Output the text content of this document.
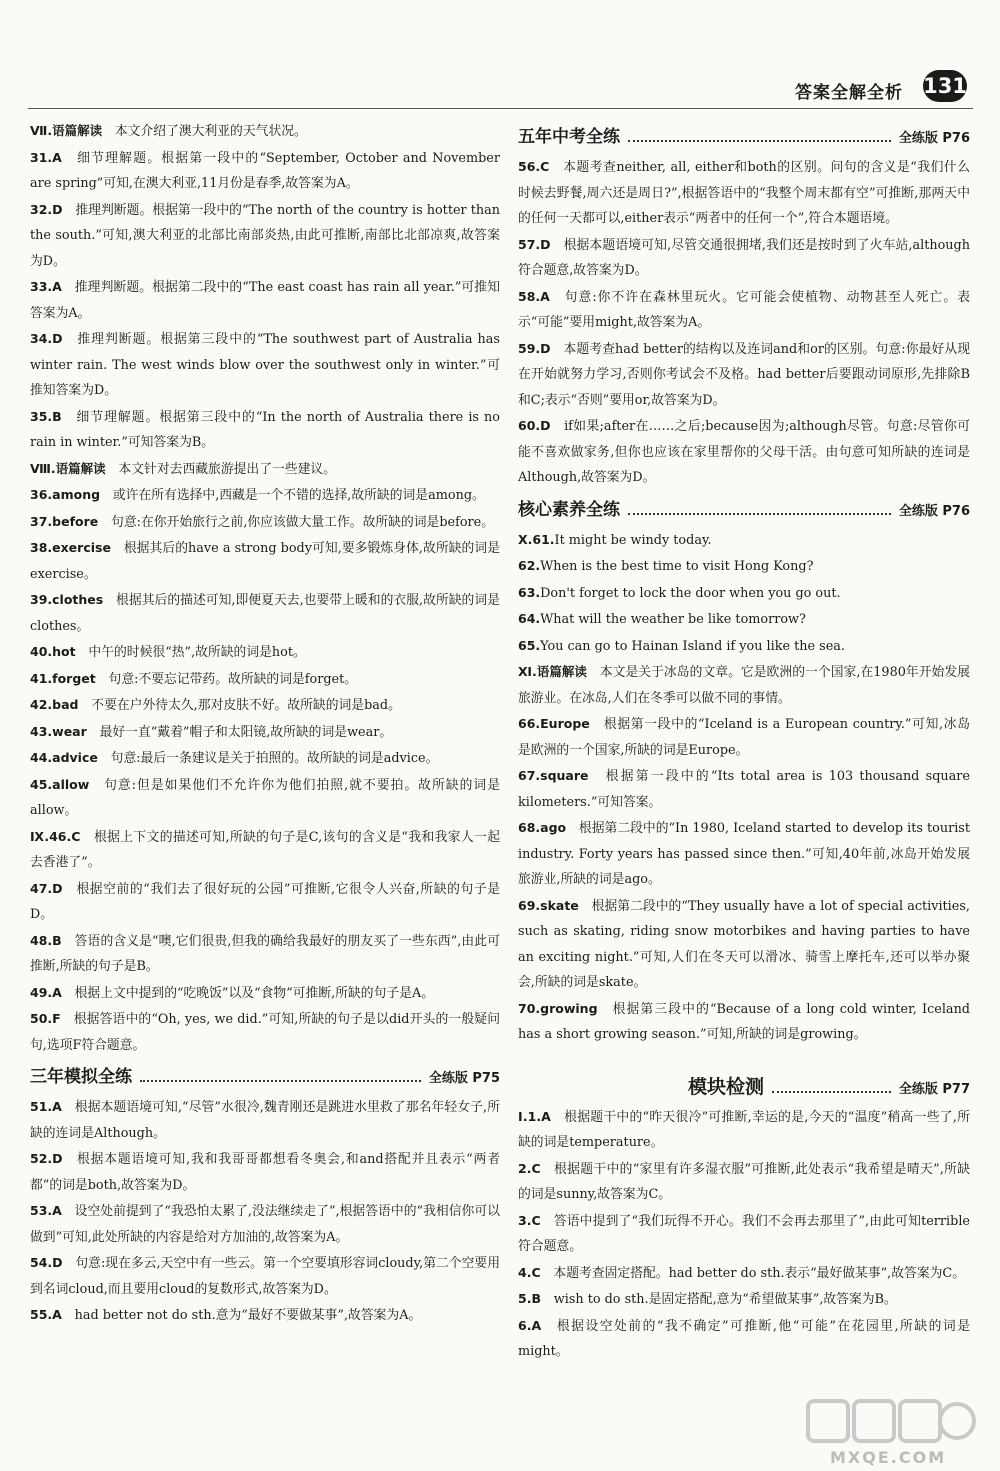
答案全解全析 131

Ⅶ.语篇解读　本文介绍了澳大利亚的天气状况。

31.A　细节理解题。根据第一段中的“September, October and November are spring”可知,在澳大利亚,11月份是春季,故答案为A。

32.D　推理判断题。根据第一段中的“The north of the country is hotter than the south.”可知,澳大利亚的北部比南部炎热,由此可推断,南部比北部凉爽,故答案为D。

33.A　推理判断题。根据第二段中的“The east coast has rain all year.”可推知答案为A。

34.D　推理判断题。根据第三段中的“The southwest part of Australia has winter rain. The west winds blow over the southwest only in winter.”可推知答案为D。

35.B　细节理解题。根据第三段中的“In the north of Australia there is no rain in winter.”可知答案为B。

Ⅷ.语篇解读　本文针对去西藏旅游提出了一些建议。

36.among　或许在所有选择中,西藏是一个不错的选择,故所缺的词是among。

37.before　句意:在你开始旅行之前,你应该做大量工作。故所缺的词是before。

38.exercise　根据其后的have a strong body可知,要多锻炼身体,故所缺的词是exercise。

39.clothes　根据其后的描述可知,即便夏天去,也要带上暖和的衣服,故所缺的词是clothes。

40.hot　中午的时候很“热”,故所缺的词是hot。

41.forget　句意:不要忘记带药。故所缺的词是forget。

42.bad　不要在户外待太久,那对皮肤不好。故所缺的词是bad。

43.wear　最好一直“戴着”帽子和太阳镜,故所缺的词是wear。

44.advice　句意:最后一条建议是关于拍照的。故所缺的词是advice。

45.allow　句意:但是如果他们不允许你为他们拍照,就不要拍。故所缺的词是allow。

Ⅸ.46.C　根据上下文的描述可知,所缺的句子是C,该句的含义是“我和我家人一起去香港了”。

47.D　根据空前的“我们去了很好玩的公园”可推断,它很令人兴奋,所缺的句子是D。

48.B　答语的含义是“噢,它们很贵,但我的确给我最好的朋友买了一些东西”,由此可推断,所缺的句子是B。

49.A　根据上文中提到的“吃晚饭”以及“食物”可推断,所缺的句子是A。

50.F　根据答语中的“Oh, yes, we did.”可知,所缺的句子是以did开头的一般疑问句,选项F符合题意。

三年模拟全练	全练版 P75

51.A　根据本题语境可知,“尽管”水很冷,魏青刚还是跳进水里救了那名年轻女子,所缺的连词是Although。

52.D　根据本题语境可知,我和我哥哥都想看冬奥会,和and搭配并且表示“两者都”的词是both,故答案为D。

53.A　设空处前提到了“我恐怕太累了,没法继续走了”,根据答语中的“我相信你可以做到”可知,此处所缺的内容是给对方加油的,故答案为A。

54.D　句意:现在多云,天空中有一些云。第一个空要填形容词cloudy,第二个空要用到名词cloud,而且要用cloud的复数形式,故答案为D。

55.A　had better not do sth.意为“最好不要做某事”,故答案为A。

五年中考全练	全练版 P76

56.C　本题考查neither, all, either和both的区别。问句的含义是“我们什么时候去野餐,周六还是周日?”,根据答语中的“我整个周末都有空”可推断,那两天中的任何一天都可以,either表示“两者中的任何一个”,符合本题语境。

57.D　根据本题语境可知,尽管交通很拥堵,我们还是按时到了火车站,although符合题意,故答案为D。

58.A　句意:你不许在森林里玩火。它可能会使植物、动物甚至人死亡。表示“可能”要用might,故答案为A。

59.D　本题考查had better的结构以及连词and和or的区别。句意:你最好从现在开始就努力学习,否则你考试会不及格。had better后要跟动词原形,先排除B和C;表示“否则”要用or,故答案为D。

60.D　if如果;after在……之后;because因为;although尽管。句意:尽管你可能不喜欢做家务,但你也应该在家里帮你的父母干活。由句意可知所缺的连词是Although,故答案为D。

核心素养全练	全练版 P76

Ⅹ.61.It might be windy today.

62.When is the best time to visit Hong Kong?

63.Don't forget to lock the door when you go out.

64.What will the weather be like tomorrow?

65.You can go to Hainan Island if you like the sea.

Ⅺ.语篇解读　本文是关于冰岛的文章。它是欧洲的一个国家,在1980年开始发展旅游业。在冰岛,人们在冬季可以做不同的事情。

66.Europe　根据第一段中的“Iceland is a European country.”可知,冰岛是欧洲的一个国家,所缺的词是Europe。

67.square　根据第一段中的“Its total area is 103 thousand square kilometers.”可知答案。

68.ago　根据第二段中的“In 1980, Iceland started to develop its tourist industry. Forty years has passed since then.”可知,40年前,冰岛开始发展旅游业,所缺的词是ago。

69.skate　根据第二段中的“They usually have a lot of special activities, such as skating, riding snow motorbikes and having parties to have an exciting night.”可知,人们在冬天可以滑冰、骑雪上摩托车,还可以举办聚会,所缺的词是skate。

70.growing　根据第三段中的“Because of a long cold winter, Iceland has a short growing season.”可知,所缺的词是growing。

模块检测	全练版 P77

Ⅰ.1.A　根据题干中的“昨天很冷”可推断,幸运的是,今天的“温度”稍高一些了,所缺的词是temperature。

2.C　根据题干中的“家里有许多湿衣服”可推断,此处表示“我希望是晴天”,所缺的词是sunny,故答案为C。

3.C　答语中提到了“我们玩得不开心。我们不会再去那里了”,由此可知terrible符合题意。

4.C　本题考查固定搭配。had better do sth.表示“最好做某事”,故答案为C。

5.B　wish to do sth.是固定搭配,意为“希望做某事”,故答案为B。

6.A　根据设空处前的“我不确定”可推断,他“可能”在花园里,所缺的词是might。

MXQE.COM
